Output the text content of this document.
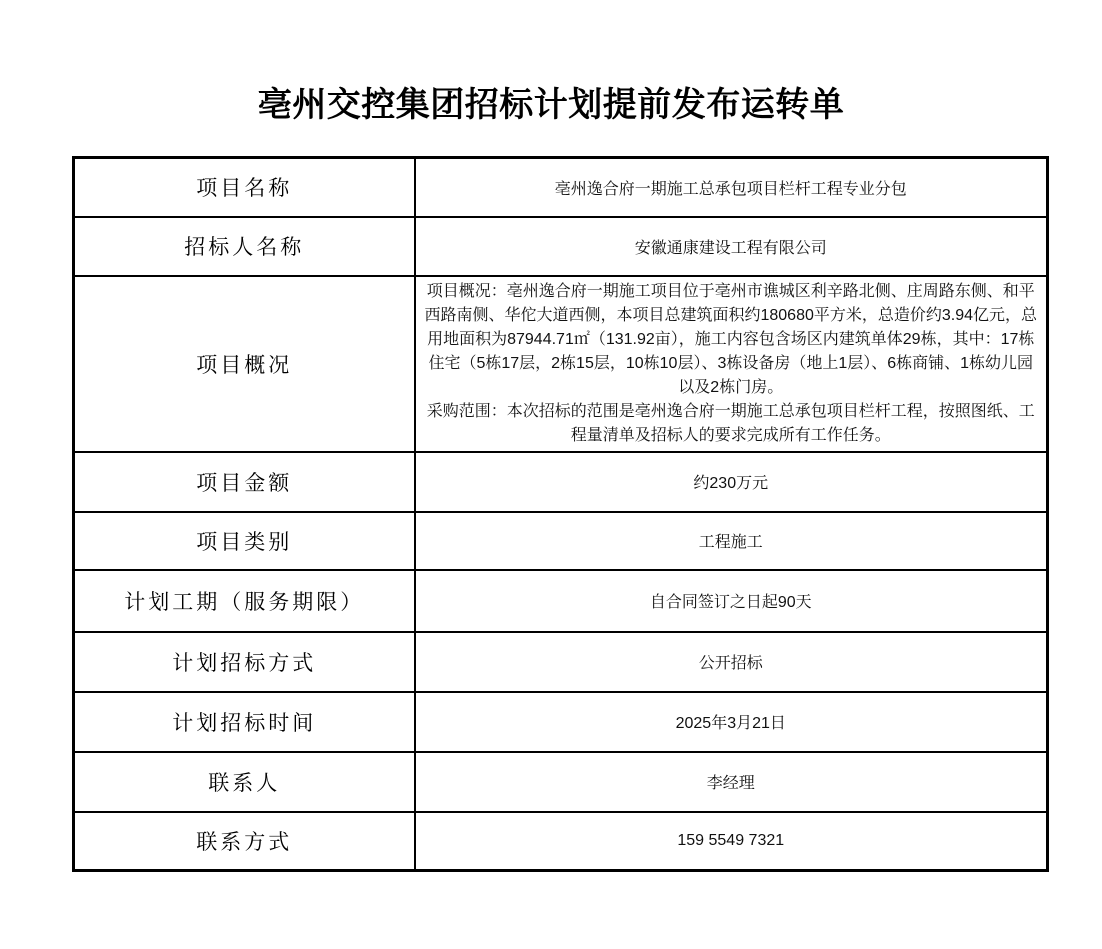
亳州交控集团招标计划提前发布运转单
项目名称	亳州逸合府一期施工总承包项目栏杆工程专业分包
招标人名称	安徽通康建设工程有限公司
项目概况	项目概况：亳州逸合府一期施工项目位于亳州市谯城区利辛路北侧、庄周路东侧、和平西路南侧、华佗大道西侧，本项目总建筑面积约180680平方米，总造价约3.94亿元，总用地面积为87944.71㎡（131.92亩），施工内容包含场区内建筑单体29栋，其中：17栋住宅（5栋17层，2栋15层，10栋10层）、3栋设备房（地上1层）、6栋商铺、1栋幼儿园以及2栋门房。
采购范围：本次招标的范围是亳州逸合府一期施工总承包项目栏杆工程，按照图纸、工程量清单及招标人的要求完成所有工作任务。

项目金额	约230万元
项目类别	工程施工
计划工期（服务期限）	自合同签订之日起90天
计划招标方式	公开招标
计划招标时间	2025年3月21日
联系人	李经理
联系方式	159 5549 7321
